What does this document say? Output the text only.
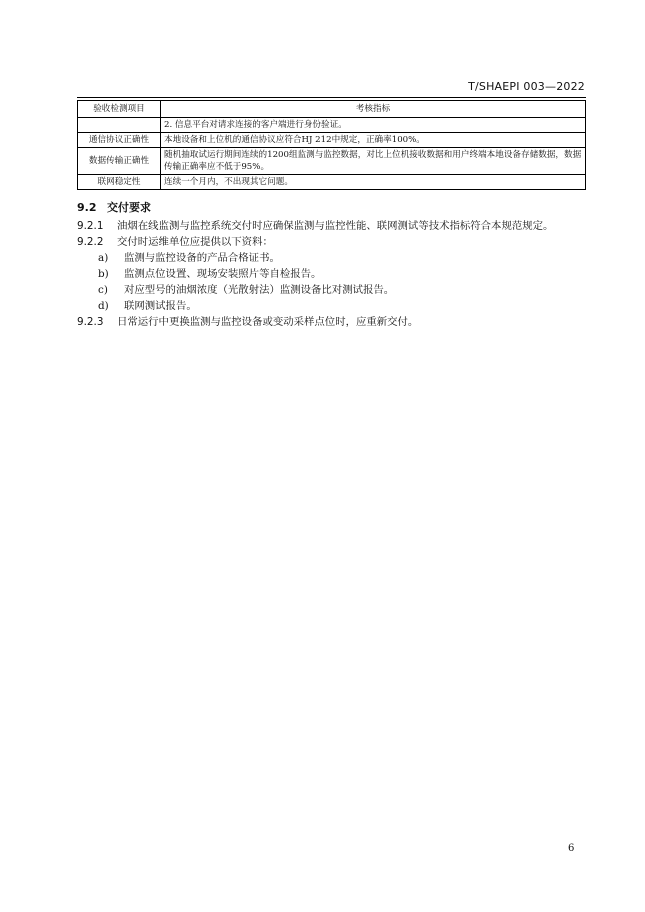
T/SHAEPI 003—2022
验收检测项目	考核指标
	2. 信息平台对请求连接的客户端进行身份验证。
通信协议正确性	本地设备和上位机的通信协议应符合HJ 212中规定，正确率100%。
数据传输正确性	随机抽取试运行期间连续的1200组监测与监控数据，对比上位机接收数据和用户终端本地设备存储数据，数据传输正确率应不低于95%。
联网稳定性	连续一个月内，不出现其它问题。
9.2 交付要求
9.2.1 油烟在线监测与监控系统交付时应确保监测与监控性能、联网测试等技术指标符合本规范规定。
9.2.2 交付时运维单位应提供以下资料：
a) 监测与监控设备的产品合格证书。
b) 监测点位设置、现场安装照片等自检报告。
c) 对应型号的油烟浓度（光散射法）监测设备比对测试报告。
d) 联网测试报告。
9.2.3 日常运行中更换监测与监控设备或变动采样点位时，应重新交付。
6
